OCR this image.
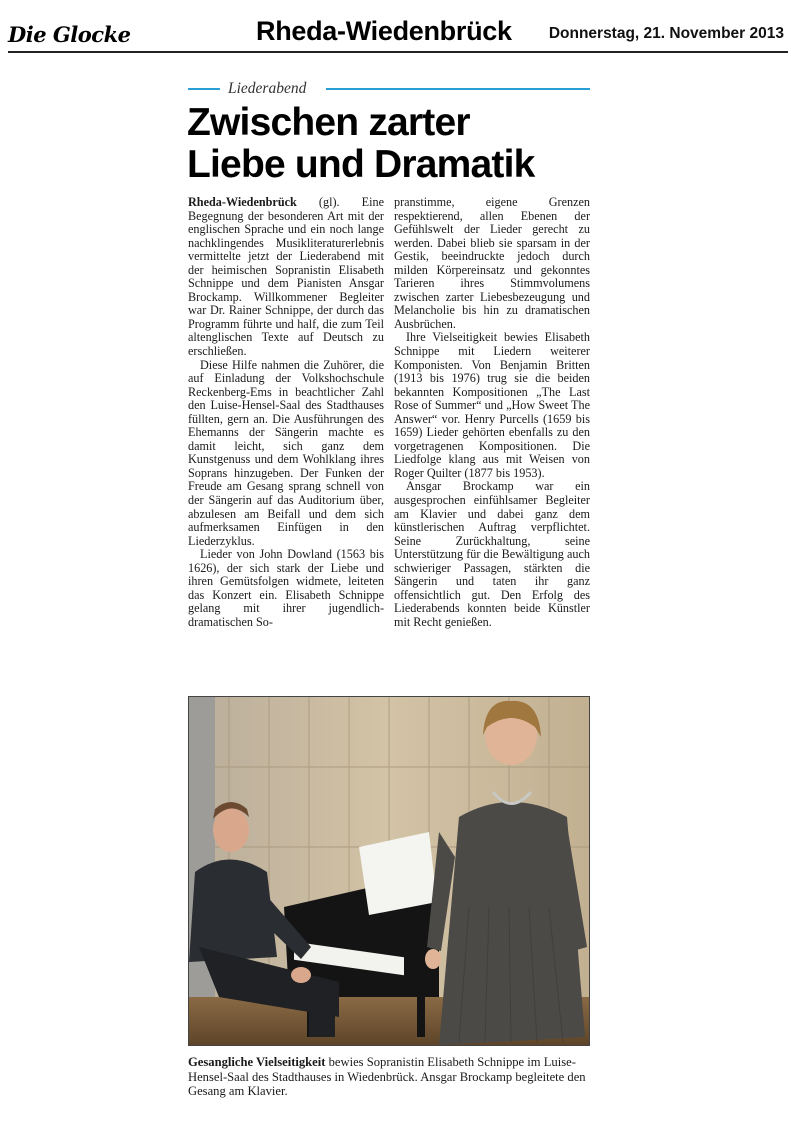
Die Glocke	Rheda-Wiedenbrück Donnerstag, 21. November 2013
Liederabend
Zwischen zarter
Liebe und Dramatik

Rheda-Wiedenbrück (gl). Eine Begegnung der besonderen Art mit der englischen Sprache und ein noch lange nachklingendes Musikliteraturerlebnis vermittelte jetzt der Liederabend mit der heimischen Sopranistin Elisabeth Schnippe und dem Pianisten Ansgar Brockamp. Willkommener Begleiter war Dr. Rainer Schnippe, der durch das Programm führte und half, die zum Teil altenglischen Texte auf Deutsch zu erschließen.

Diese Hilfe nahmen die Zuhörer, die auf Einladung der Volkshochschule Reckenberg-Ems in beachtlicher Zahl den Luise-Hensel-Saal des Stadthauses füllten, gern an. Die Ausführungen des Ehemanns der Sängerin machte es damit leicht, sich ganz dem Kunstgenuss und dem Wohlklang ihres Soprans hinzugeben. Der Funken der Freude am Gesang sprang schnell von der Sängerin auf das Auditorium über, abzulesen am Beifall und dem sich aufmerksamen Einfügen in den Liederzyklus.

Lieder von John Dowland (1563 bis 1626), der sich stark der Liebe und ihren Gemütsfolgen widmete, leiteten das Konzert ein. Elisabeth Schnippe gelang mit ihrer jugendlich-dramatischen So-

pranstimme, eigene Grenzen respektierend, allen Ebenen der Gefühlswelt der Lieder gerecht zu werden. Dabei blieb sie sparsam in der Gestik, beeindruckte jedoch durch milden Körpereinsatz und gekonntes Tarieren ihres Stimmvolumens zwischen zarter Liebesbezeugung und Melancholie bis hin zu dramatischen Ausbrüchen.

Ihre Vielseitigkeit bewies Elisabeth Schnippe mit Liedern weiterer Komponisten. Von Benjamin Britten (1913 bis 1976) trug sie die beiden bekannten Kompositionen „The Last Rose of Summer“ und „How Sweet The Answer“ vor. Henry Purcells (1659 bis 1659) Lieder gehörten ebenfalls zu den vorgetragenen Kompositionen. Die Liedfolge klang aus mit Weisen von Roger Quilter (1877 bis 1953).

Ansgar Brockamp war ein ausgesprochen einfühlsamer Begleiter am Klavier und dabei ganz dem künstlerischen Auftrag verpflichtet. Seine Zurückhaltung, seine Unterstützung für die Bewältigung auch schwieriger Passagen, stärkten die Sängerin und taten ihr ganz offensichtlich gut. Den Erfolg des Liederabends konnten beide Künstler mit Recht genießen.

Gesangliche Vielseitigkeit bewies Sopranistin Elisabeth Schnippe im Luise-Hensel-Saal des Stadthauses in Wiedenbrück. Ansgar Brockamp begleitete den Gesang am Klavier.
